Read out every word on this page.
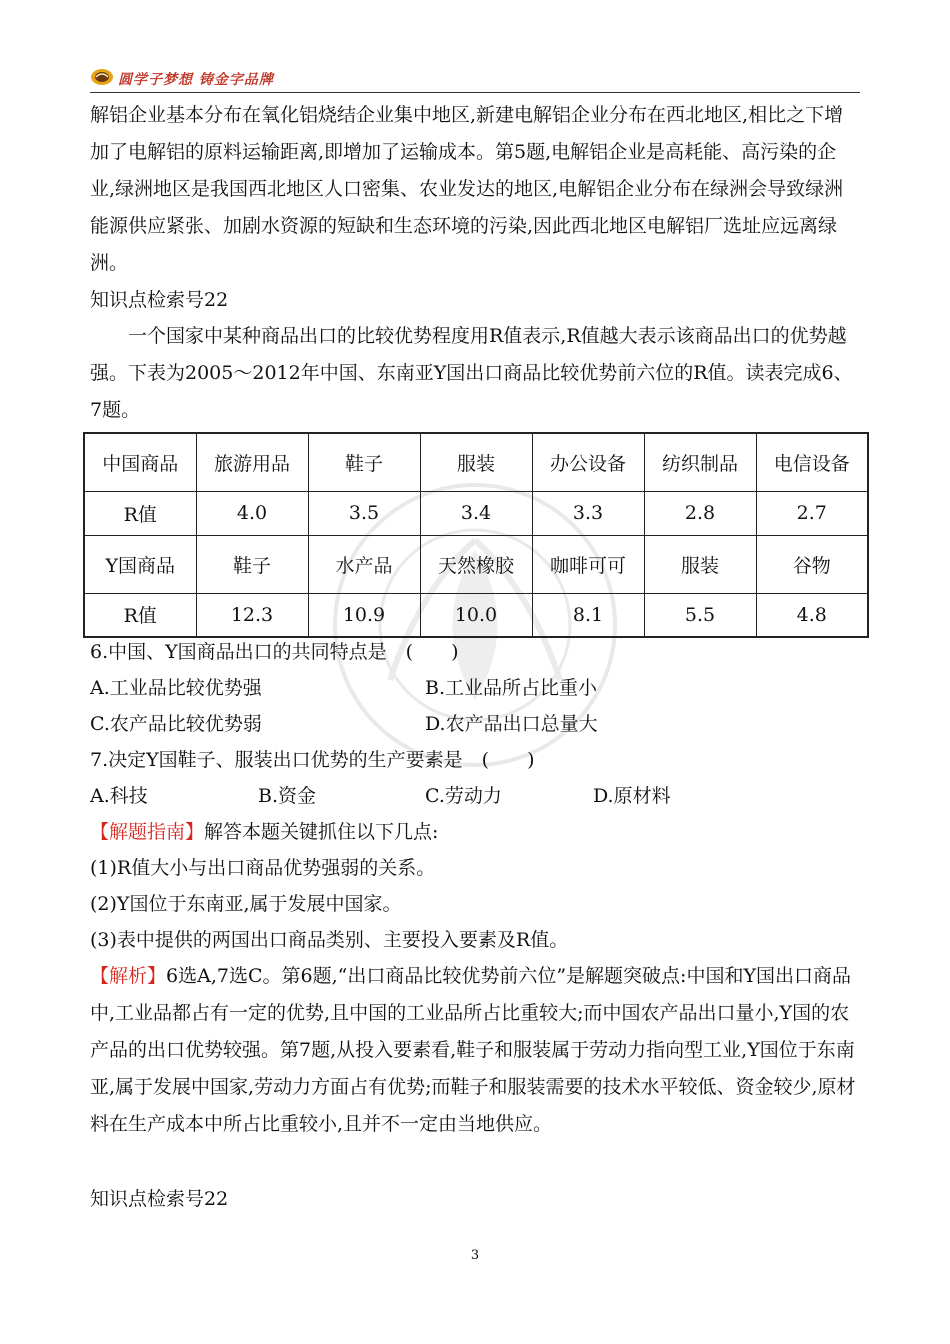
圆学子梦想 铸金字品牌

解铝企业基本分布在氧化铝烧结企业集中地区,新建电解铝企业分布在西北地区,相比之下增加了电解铝的原料运输距离,即增加了运输成本。第5题,电解铝企业是高耗能、高污染的企业,绿洲地区是我国西北地区人口密集、农业发达的地区,电解铝企业分布在绿洲会导致绿洲能源供应紧张、加剧水资源的短缺和生态环境的污染,因此西北地区电解铝厂选址应远离绿洲。

知识点检索号22

一个国家中某种商品出口的比较优势程度用R值表示,R值越大表示该商品出口的优势越强。下表为2005～2012年中国、东南亚Y国出口商品比较优势前六位的R值。读表完成6、7题。

中国商品	旅游用品	鞋子	服装	办公设备	纺织制品	电信设备
R值	4.0	3.5	3.4	3.3	2.8	2.7
Y国商品	鞋子	水产品	天然橡胶	咖啡可可	服装	谷物
R值	12.3	10.9	10.0	8.1	5.5	4.8

6.中国、Y国商品出口的共同特点是　(　　)

A.工业品比较优势强	B.工业品所占比重小
C.农产品比较优势弱	D.农产品出口总量大

7.决定Y国鞋子、服装出口优势的生产要素是　(　　)

A.科技	B.资金	C.劳动力	D.原材料

【解题指南】解答本题关键抓住以下几点:

(1)R值大小与出口商品优势强弱的关系。

(2)Y国位于东南亚,属于发展中国家。

(3)表中提供的两国出口商品类别、主要投入要素及R值。

【解析】6选A,7选C。第6题,“出口商品比较优势前六位”是解题突破点:中国和Y国出口商品中,工业品都占有一定的优势,且中国的工业品所占比重较大;而中国农产品出口量小,Y国的农产品的出口优势较强。第7题,从投入要素看,鞋子和服装属于劳动力指向型工业,Y国位于东南亚,属于发展中国家,劳动力方面占有优势;而鞋子和服装需要的技术水平较低、资金较少,原材料在生产成本中所占比重较小,且并不一定由当地供应。

知识点检索号22

3
